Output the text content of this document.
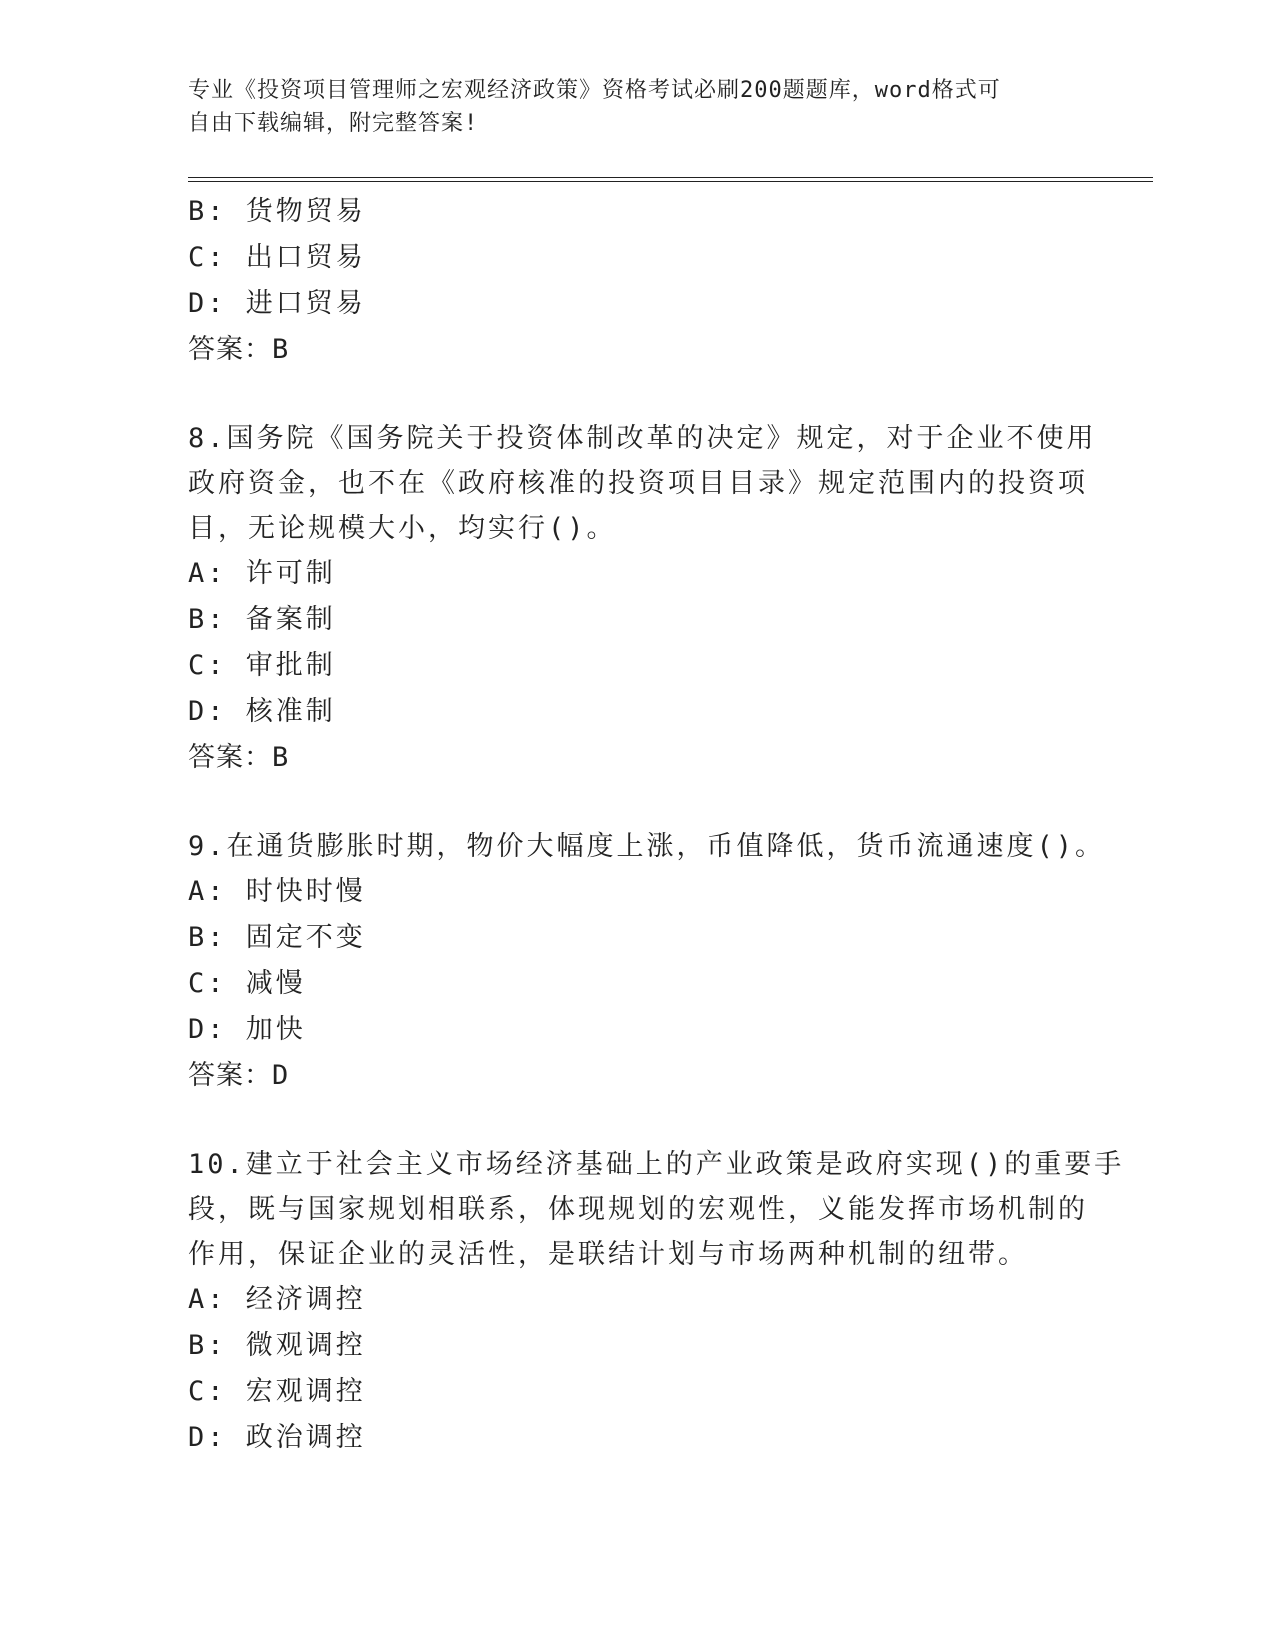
专业《投资项目管理师之宏观经济政策》资格考试必刷200题题库，word格式可
自由下载编辑，附完整答案!
B: 货物贸易
C: 出口贸易
D: 进口贸易
答案：B
8.国务院《国务院关于投资体制改革的决定》规定，对于企业不使用
政府资金，也不在《政府核准的投资项目目录》规定范围内的投资项
目，无论规模大小，均实行()。
A: 许可制
B: 备案制
C: 审批制
D: 核准制
答案：B
9.在通货膨胀时期，物价大幅度上涨，币值降低，货币流通速度()。
A: 时快时慢
B: 固定不变
C: 减慢
D: 加快
答案：D
10.建立于社会主义市场经济基础上的产业政策是政府实现()的重要手
段，既与国家规划相联系，体现规划的宏观性，义能发挥市场机制的
作用，保证企业的灵活性，是联结计划与市场两种机制的纽带。
A: 经济调控
B: 微观调控
C: 宏观调控
D: 政治调控
